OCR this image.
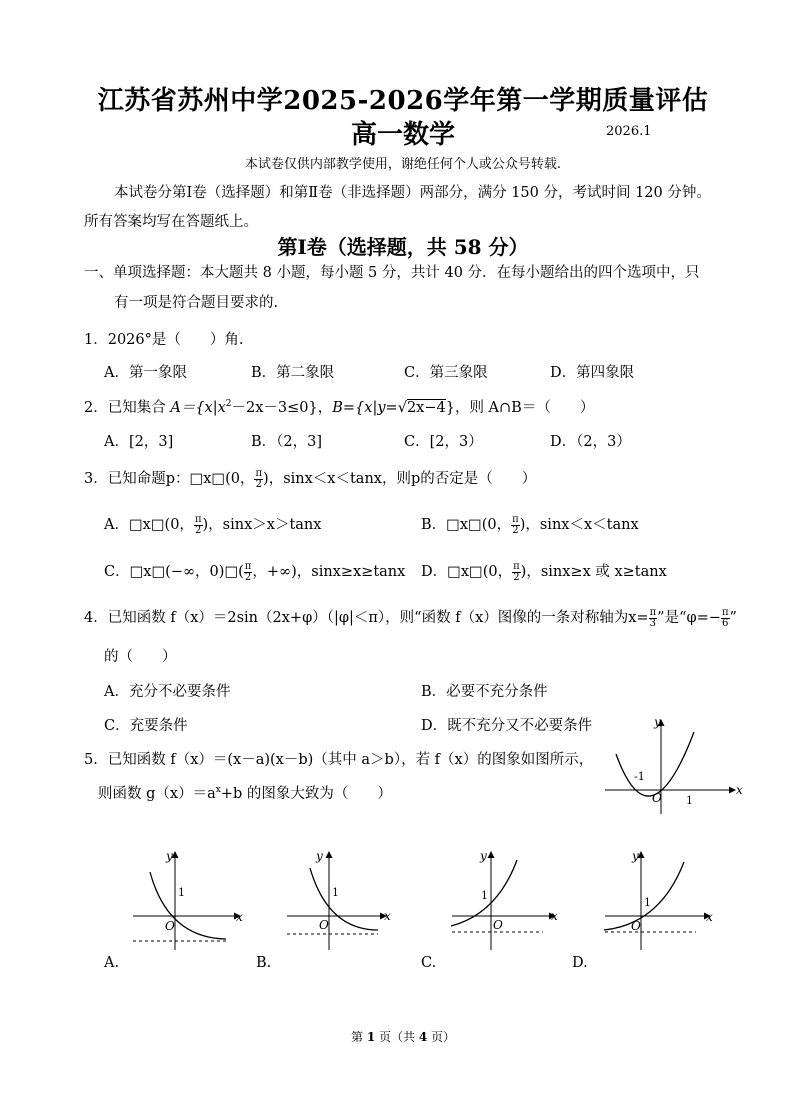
江苏省苏州中学2025-2026学年第一学期质量评估
高一数学	2026.1
本试卷仅供内部教学使用，谢绝任何个人或公众号转载.
本试卷分第Ⅰ卷（选择题）和第Ⅱ卷（非选择题）两部分，满分 150 分，考试时间 120 分钟。
所有答案均写在答题纸上。
第Ⅰ卷（选择题，共 58 分）
一、单项选择题：本大题共 8 小题，每小题 5 分，共计 40 分．在每小题给出的四个选项中，只
有一项是符合题目要求的.
1．2026°是（　　）角.
A．第一象限	B．第二象限	C．第三象限	D．第四象限
2．已知集合 $A=\{x|x^2-2x-3\le 0\}$，B={x|y=√2x−4}，则 A∩B＝（　　）
A．[2，3]	B．（2，3]	C．[2，3）	D．（2，3）
3．已知命题p：□x□(0， $\frac{\pi}{2}$ )，sinx＜x＜tanx，则p的否定是（　　）
A．□x□(0， $\frac{\pi}{2}$ )，sinx＞x＞tanx	B．□x□(0， $\frac{\pi}{2}$ )，sinx＜x＜tanx
C．□x□(−∞，0)□( $\frac{\pi}{2}$ ，+∞)，sinx≥x≥tanx D．□x□(0， $\frac{\pi}{2}$ )，sinx≥x 或 x≥tanx
4．已知函数 f（x）＝2sin（2x+φ）（|φ|＜π），则“函数 f（x）图像的一条对称轴为$x= \frac{\pi}{3}$ ”是“$\varphi=- \frac{\pi}{6}$ ”
的（　　）
A．充分不必要条件	B．必要不充分条件
C．充要条件	D．既不充分又不必要条件
5．已知函数 f（x）＝(x－a)(x－b)（其中 a＞b），若 f（x）的图象如图所示，
则函数 $g(x)=a^x+b$ 的图象大致为（　　）
-1
O 1
x
y
1
O
x
y
A.
1
O
x
y
B.
1
O
x
y
C.
1
O
x
y
D.
第 1 页（共 4 页）
